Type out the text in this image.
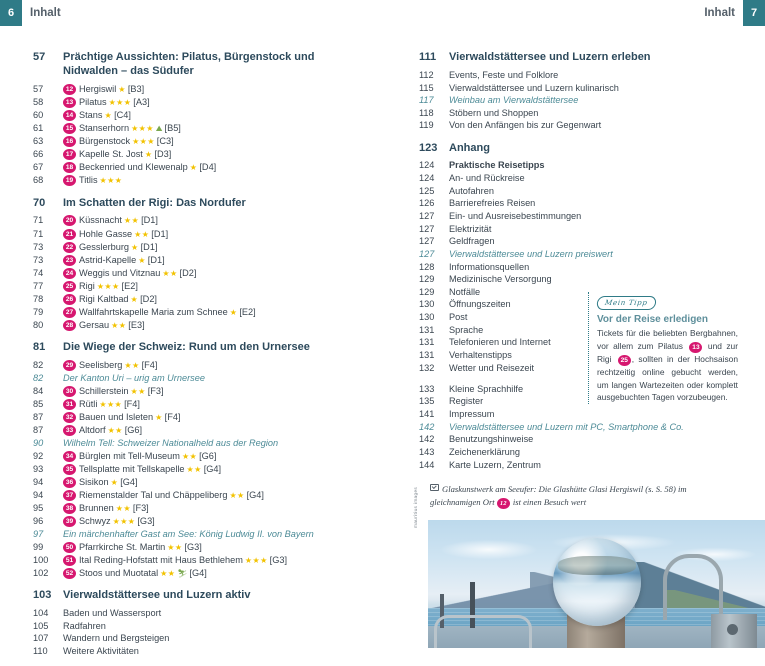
6	Inhalt	Inhalt	7
57	Prächtige Aussichten: Pilatus, Bürgenstock und Nidwalden – das Südufer
57	12 Hergiswil ★ [B3]
58	13 Pilatus ★★★ [A3]
60	14 Stans ★ [C4]
61	15 Stanserhorn ★★★ ⛰ [B5]
63	16 Bürgenstock ★★★ [C3]
66	17 Kapelle St. Jost ★ [D3]
67	18 Beckenried und Klewenalp ★ [D4]
68	19 Titlis ★★★
70	Im Schatten der Rigi: Das Nordufer
71	20 Küssnacht ★★ [D1]
71	21 Hohle Gasse ★★ [D1]
73	22 Gesslerburg ★ [D1]
73	23 Astrid-Kapelle ★ [D1]
74	24 Weggis und Vitznau ★★ [D2]
77	25 Rigi ★★★ [E2]
78	26 Rigi Kaltbad ★ [D2]
79	27 Wallfahrtskapelle Maria zum Schnee ★ [E2]
80	28 Gersau ★★ [E3]
81	Die Wiege der Schweiz: Rund um den Urnersee
82	29 Seelisberg ★★ [F4]
82	Der Kanton Uri – urig am Urnersee
84	30 Schillerstein ★★ [F3]
85	31 Rütli ★★★ [F4]
87	32 Bauen und Isleten ★ [F4]
87	33 Altdorf ★★ [G6]
90	Wilhelm Tell: Schweizer Nationalheld aus der Region
92	34 Bürglen mit Tell-Museum ★★ [G6]
93	35 Tellsplatte mit Tellskapelle ★★ [G4]
94	36 Sisikon ★ [G4]
94	37 Riemenstalder Tal und Chäppeliberg ★★ [G4]
95	38 Brunnen ★★ [F3]
96	39 Schwyz ★★★ [G3]
97	Ein märchenhafter Gast am See: König Ludwig II. von Bayern
99	50 Pfarrkirche St. Martin ★★ [G3]
100	51 Ital Reding-Hofstatt mit Haus Bethlehem ★★★ [G3]
102	52 Stoos und Muotatal ★★ ⛷ [G4]
103	Vierwaldstättersee und Luzern aktiv
104	Baden und Wassersport
105	Radfahren
107	Wandern und Bergsteigen
110	Weitere Aktivitäten
111	Vierwaldstättersee und Luzern erleben
112	Events, Feste und Folklore
115	Vierwaldstättersee und Luzern kulinarisch
117	Weinbau am Vierwaldstättersee
118	Stöbern und Shoppen
119	Von den Anfängen bis zur Gegenwart
123	Anhang
124	Praktische Reisetipps
124	An- und Rückreise
125	Autofahren
126	Barrierefreies Reisen
127	Ein- und Ausreisebestimmungen
127	Elektrizität
127	Geldfragen
127	Vierwaldstättersee und Luzern preiswert
128	Informationsquellen
129	Medizinische Versorgung
129	Notfälle
130	Öffnungszeiten
130	Post
131	Sprache
131	Telefonieren und Internet
131	Verhaltenstipps
132	Wetter und Reisezeit
133	Kleine Sprachhilfe
135	Register
141	Impressum
142	Vierwaldstättersee und Luzern mit PC, Smartphone & Co.
142	Benutzungshinweise
143	Zeichenerklärung
144	Karte Luzern, Zentrum
Mein Tipp
Vor der Reise erledigen
Tickets für die beliebten Bergbahnen, vor allem zum Pilatus 13 und zur Rigi 25 , sollten in der Hochsaison rechtzeitig online gebucht werden, um langen Wartezeiten oder komplett ausgebuchten Tagen vorzubeugen.
Glaskunstwerk am Seeufer: Die Glashütte Glasi Hergiswil (s. S. 58) im gleichnamigen Ort 12 ist einen Besuch wert
mauritius images
